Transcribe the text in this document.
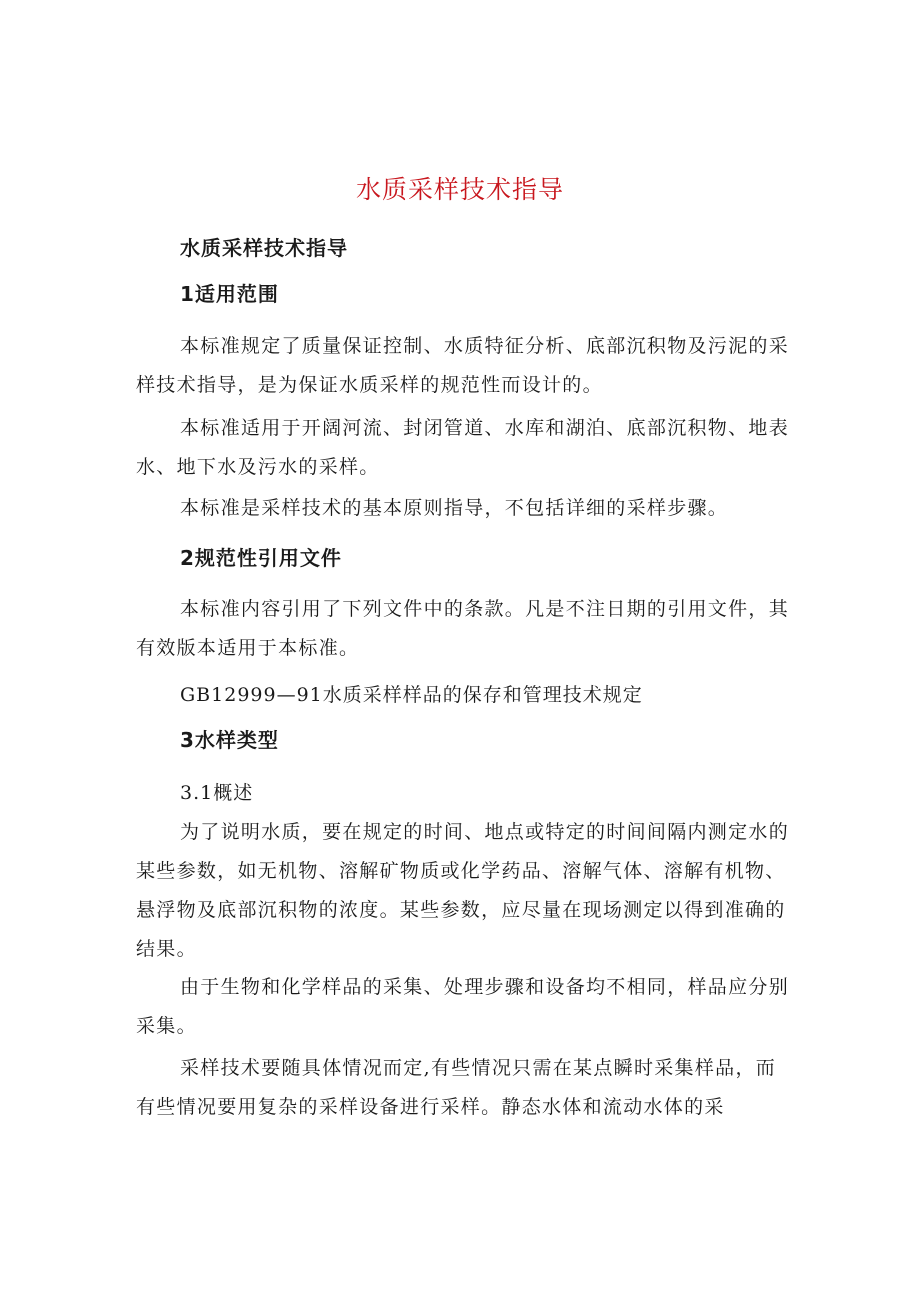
水质采样技术指导
水质采样技术指导
1适用范围
本标准规定了质量保证控制、水质特征分析、底部沉积物及污泥的采样技术指导，是为保证水质采样的规范性而设计的。
本标准适用于开阔河流、封闭管道、水库和湖泊、底部沉积物、地表水、地下水及污水的采样。
本标准是采样技术的基本原则指导，不包括详细的采样步骤。
2规范性引用文件
本标准内容引用了下列文件中的条款。凡是不注日期的引用文件，其有效版本适用于本标准。
GB12999—91水质采样样品的保存和管理技术规定
3水样类型
3.1概述
为了说明水质，要在规定的时间、地点或特定的时间间隔内测定水的某些参数，如无机物、溶解矿物质或化学药品、溶解气体、溶解有机物、悬浮物及底部沉积物的浓度。某些参数，应尽量在现场测定以得到准确的结果。
由于生物和化学样品的采集、处理步骤和设备均不相同，样品应分别采集。
采样技术要随具体情况而定,有些情况只需在某点瞬时采集样品，而有些情况要用复杂的采样设备进行采样。静态水体和流动水体的采
